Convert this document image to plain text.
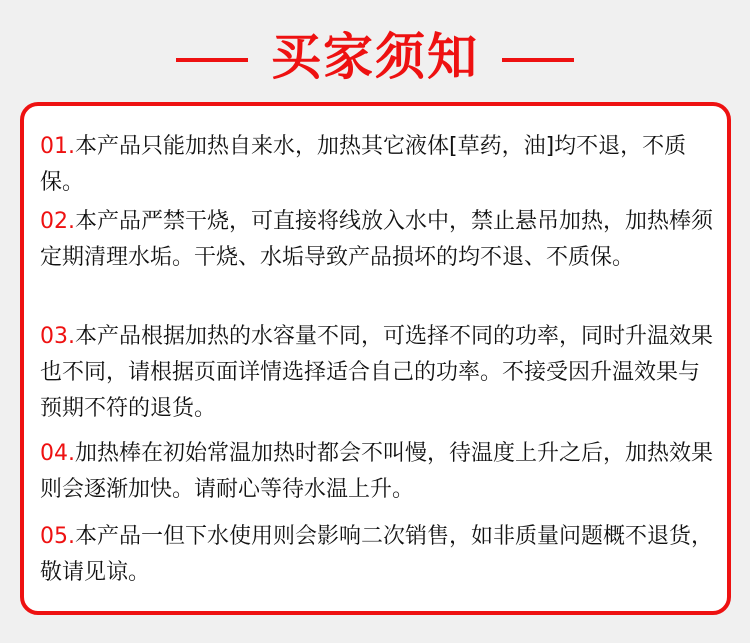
买家须知

01.本产品只能加热自来水，加热其它液体[草药，油]均不退，不质保。

02.本产品严禁干烧，可直接将线放入水中，禁止悬吊加热，加热棒须定期清理水垢。干烧、水垢导致产品损坏的均不退、不质保。

03.本产品根据加热的水容量不同，可选择不同的功率，同时升温效果也不同，请根据页面详情选择适合自己的功率。不接受因升温效果与预期不符的退货。

04.加热棒在初始常温加热时都会不叫慢，待温度上升之后，加热效果则会逐渐加快。请耐心等待水温上升。

05.本产品一但下水使用则会影响二次销售，如非质量问题概不退货，敬请见谅。
